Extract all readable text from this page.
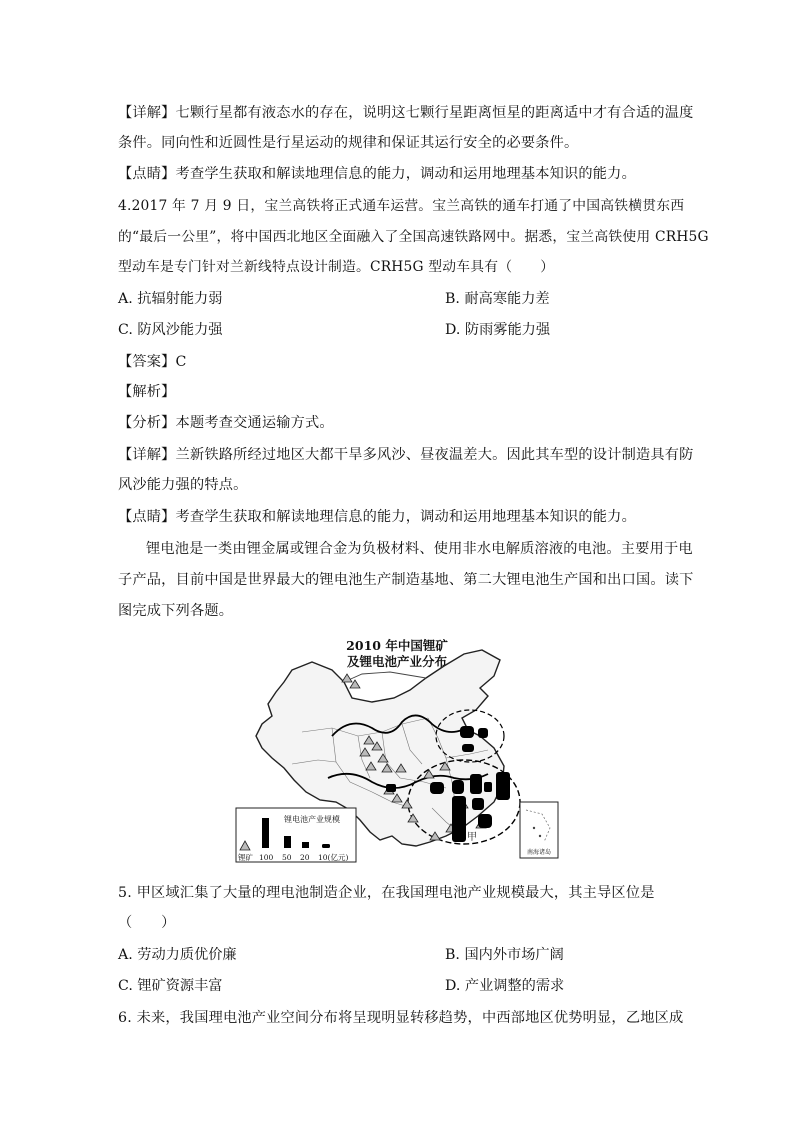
【详解】七颗行星都有液态水的存在，说明这七颗行星距离恒星的距离适中才有合适的温度
条件。同向性和近圆性是行星运动的规律和保证其运行安全的必要条件。
【点睛】考查学生获取和解读地理信息的能力，调动和运用地理基本知识的能力。
4.2017 年 7 月 9 日，宝兰高铁将正式通车运营。宝兰高铁的通车打通了中国高铁横贯东西
的“最后一公里”，将中国西北地区全面融入了全国高速铁路网中。据悉，宝兰高铁使用 CRH5G
型动车是专门针对兰新线特点设计制造。CRH5G 型动车具有（　　）
A. 抗辐射能力弱	B. 耐高寒能力差
C. 防风沙能力强	D. 防雨雾能力强
【答案】C
【解析】
【分析】本题考查交通运输方式。
【详解】兰新铁路所经过地区大都干旱多风沙、昼夜温差大。因此其车型的设计制造具有防
风沙能力强的特点。
【点睛】考查学生获取和解读地理信息的能力，调动和运用地理基本知识的能力。
锂电池是一类由锂金属或锂合金为负极材料、使用非水电解质溶液的电池。主要用于电
子产品，目前中国是世界最大的锂电池生产制造基地、第二大锂电池生产国和出口国。读下
图完成下列各题。
2010 年中国锂矿
及锂电池产业分布
甲
锂电池产业规模
锂矿 100 50 20 10(亿元)
南海诸岛
5. 甲区域汇集了大量的理电池制造企业，在我国理电池产业规模最大，其主导区位是
（　　）
A. 劳动力质优价廉	B. 国内外市场广阔
C. 锂矿资源丰富	D. 产业调整的需求
6. 未来，我国理电池产业空间分布将呈现明显转移趋势，中西部地区优势明显，乙地区成
